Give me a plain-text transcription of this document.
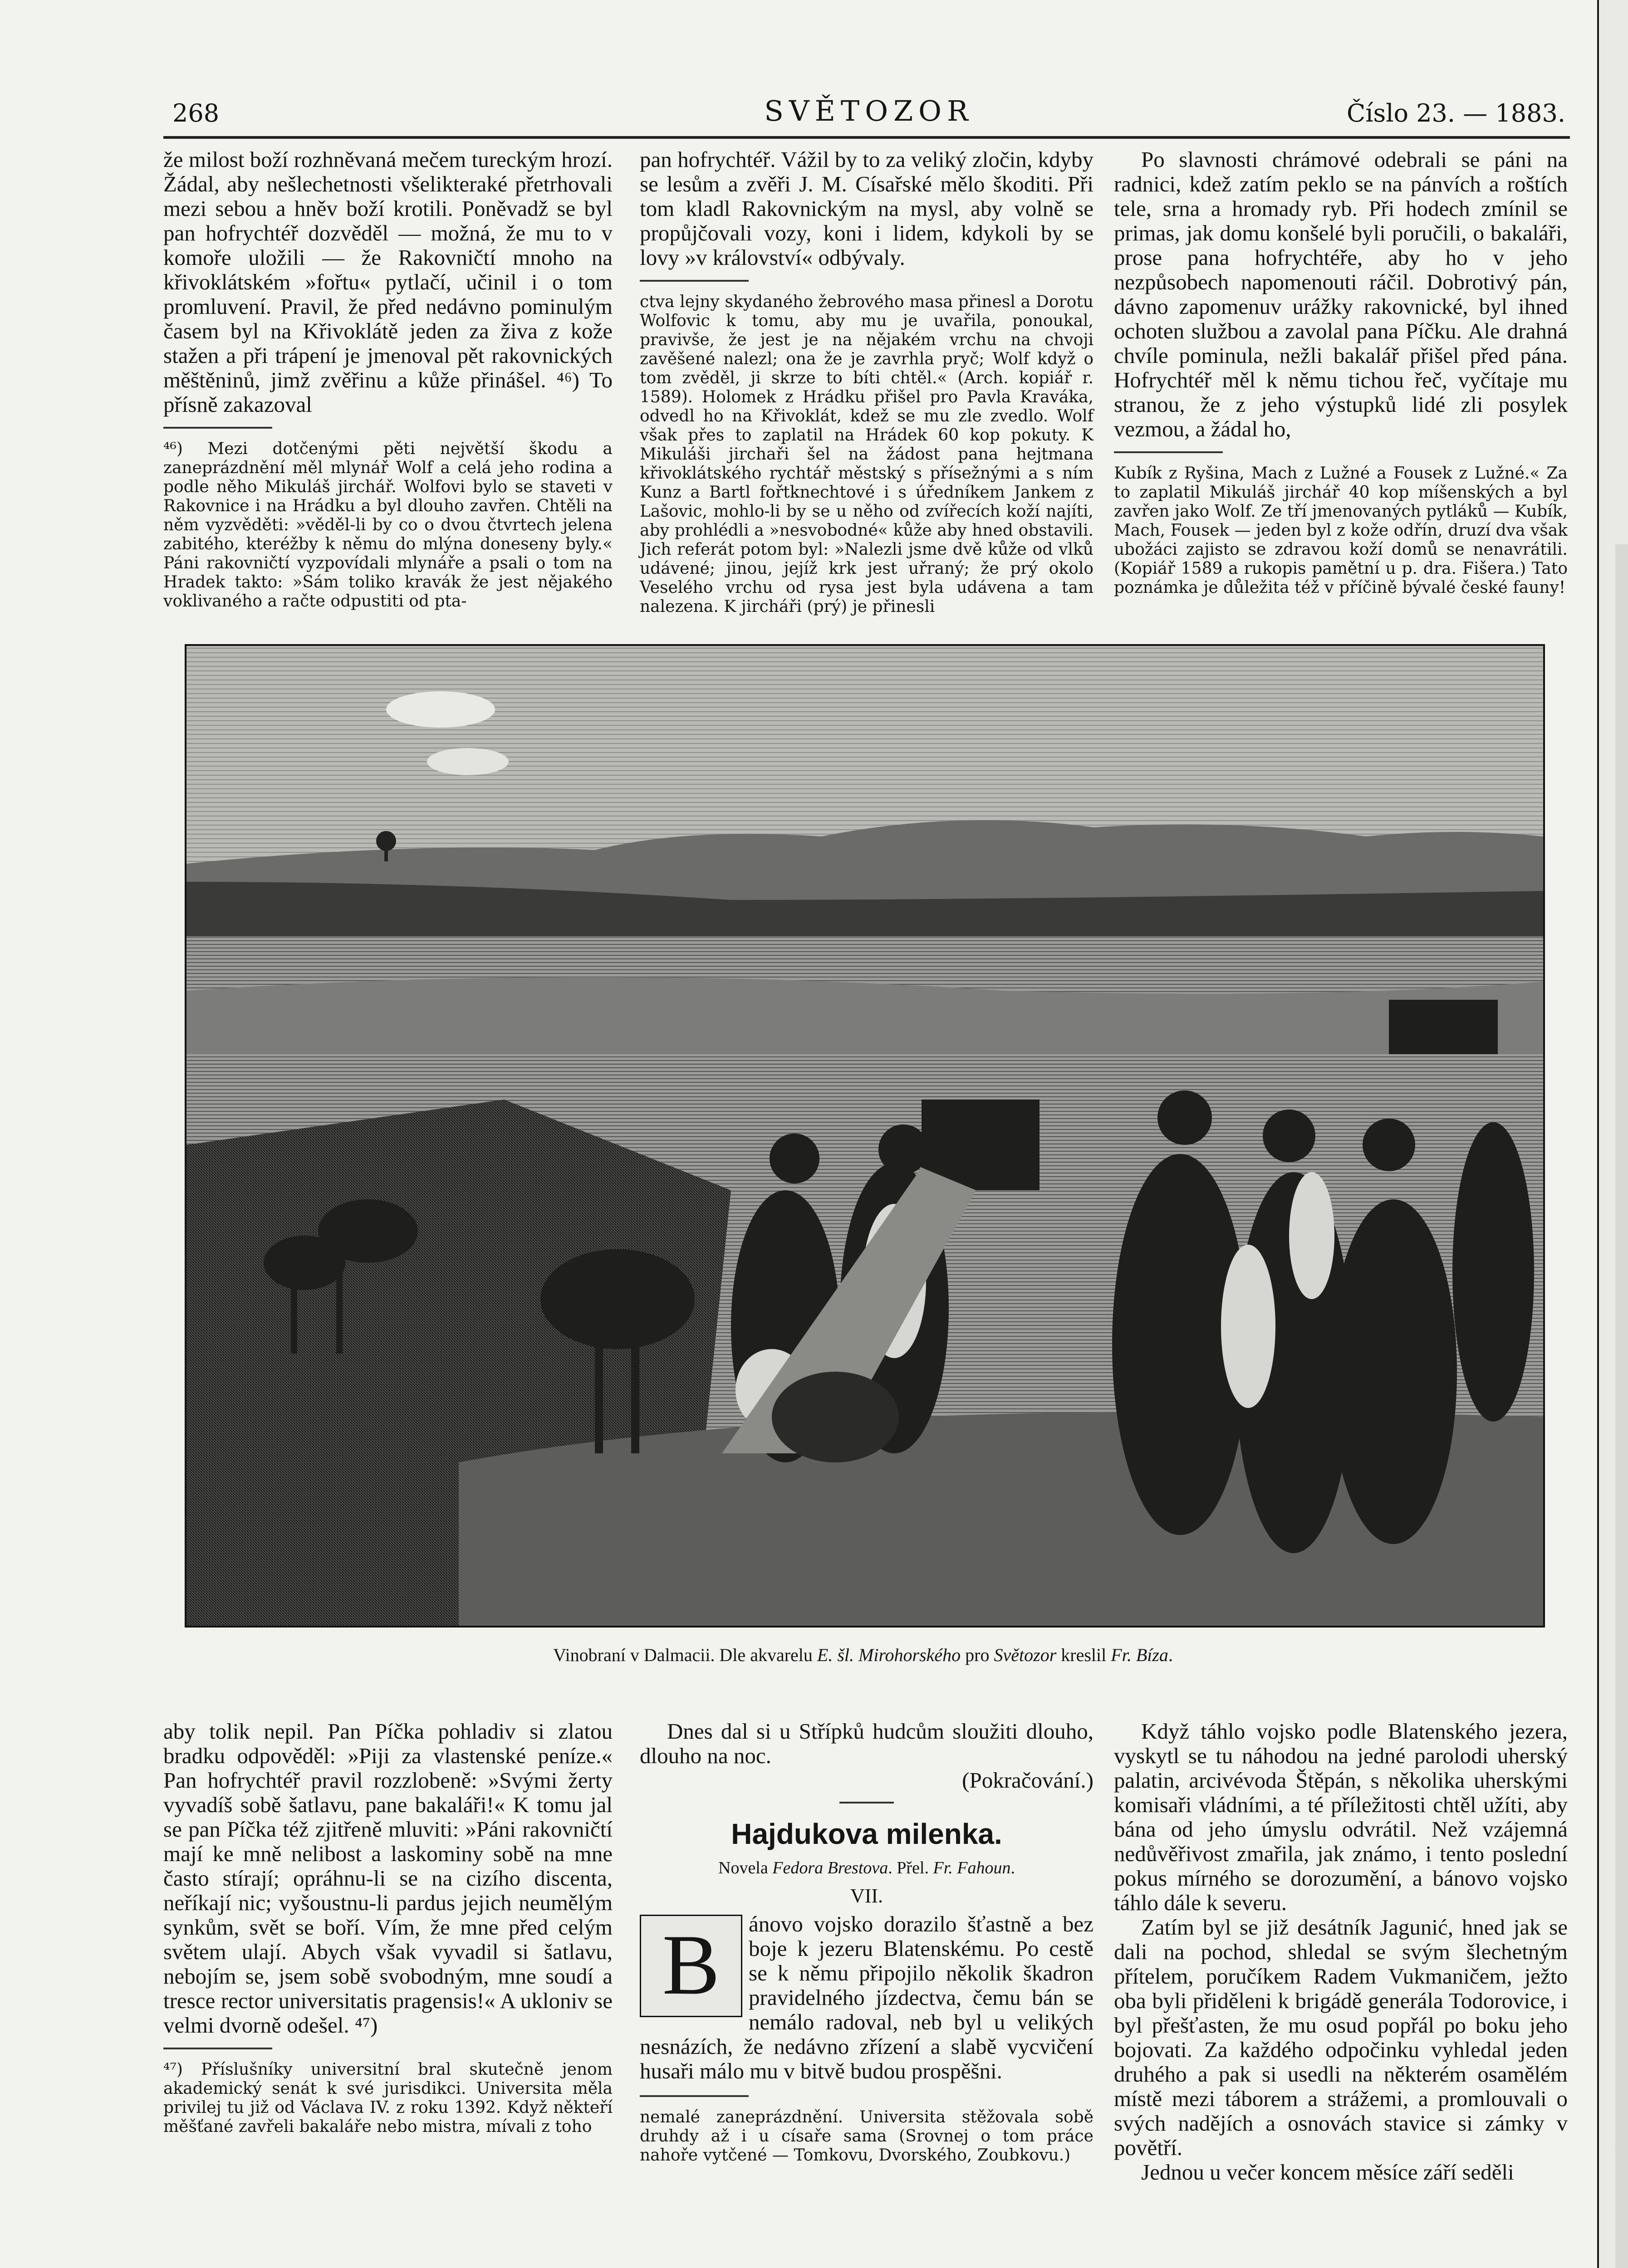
268	SVĚTOZOR	Číslo 23. — 1883.

že milost boží rozhněvaná mečem tureckým hrozí. Žádal, aby nešlechetnosti všelikteraké přetrhovali mezi sebou a hněv boží krotili. Poněvadž se byl pan hofrychtéř dozvěděl — možná, že mu to v komoře uložili — že Rakovničtí mnoho na křivoklátském »fořtu« pytlačí, učinil i o tom promluvení. Pravil, že před nedávno pominulým časem byl na Křivoklátě jeden za živa z kože stažen a při trápení je jmenoval pět rakovnických měštěninů, jimž zvěřinu a kůže přinášel. ⁴⁶) To přísně zakazoval

⁴⁶) Mezi dotčenými pěti největší škodu a zaneprázdnění měl mlynář Wolf a celá jeho rodina a podle něho Mikuláš jirchář. Wolfovi bylo se staveti v Rakovnice i na Hrádku a byl dlouho zavřen. Chtěli na něm vyzvěděti: »věděl-li by co o dvou čtvrtech jelena zabitého, kteréžby k němu do mlýna doneseny byly.« Páni rakovničtí vyzpovídali mlynáře a psali o tom na Hradek takto: »Sám toliko kravák že jest nějakého voklivaného a račte odpustiti od pta-

pan hofrychtéř. Vážil by to za veliký zločin, kdyby se lesům a zvěři J. M. Císařské mělo škoditi. Při tom kladl Rakovnickým na mysl, aby volně se propůjčovali vozy, koni i lidem, kdykoli by se lovy »v království« odbývaly.

ctva lejny skydaného žebrového masa přinesl a Dorotu Wolfovic k tomu, aby mu je uvařila, ponoukal, pravivše, že jest je na nějakém vrchu na chvoji zavěšené nalezl; ona že je zavrhla pryč; Wolf když o tom zvěděl, ji skrze to bíti chtěl.« (Arch. kopiář r. 1589). Holomek z Hrádku přišel pro Pavla Kraváka, odvedl ho na Křivoklát, kdež se mu zle zvedlo. Wolf však přes to zaplatil na Hrádek 60 kop pokuty. K Mikuláši jirchaři šel na žádost pana hejtmana křivoklátského rychtář městský s přísežnými a s ním Kunz a Bartl fořtknechtové i s úředníkem Jankem z Lašovic, mohlo-li by se u něho od zvířecích koží najíti, aby prohlédli a »nesvobodné« kůže aby hned obstavili. Jich referát potom byl: »Nalezli jsme dvě kůže od vlků udávené; jinou, jejíž krk jest uřraný; že prý okolo Veselého vrchu od rysa jest byla udávena a tam nalezena. K jircháři (prý) je přinesli

Po slavnosti chrámové odebrali se páni na radnici, kdež zatím peklo se na pánvích a roštích tele, srna a hromady ryb. Při hodech zmínil se primas, jak domu konšelé byli poručili, o bakaláři, prose pana hofrychtéře, aby ho v jeho nezpůsobech napomenouti ráčil. Dobrotivý pán, dávno zapomenuv urážky rakovnické, byl ihned ochoten službou a zavolal pana Píčku. Ale drahná chvíle pominula, nežli bakalář přišel před pána. Hofrychtéř měl k němu tichou řeč, vyčítaje mu stranou, že z jeho výstupků lidé zli posylek vezmou, a žádal ho,

Kubík z Ryšina, Mach z Lužné a Fousek z Lužné.« Za to zaplatil Mikuláš jirchář 40 kop míšenských a byl zavřen jako Wolf. Ze tří jmenovaných pytláků — Kubík, Mach, Fousek — jeden byl z kože odřín, druzí dva však ubožáci zajisto se zdravou koží domů se nenavrátili. (Kopiář 1589 a rukopis pamětní u p. dra. Fišera.) Tato poznámka je důležita též v příčině bývalé české fauny!

Vinobraní v Dalmacii. Dle akvarelu E. šl. Mirohorského pro Světozor kreslil Fr. Bíza.

aby tolik nepil. Pan Píčka pohladiv si zlatou bradku odpověděl: »Piji za vlastenské peníze.« Pan hofrychtéř pravil rozzlobeně: »Svými žerty vyvadíš sobě šatlavu, pane bakaláři!« K tomu jal se pan Píčka též zjitřeně mluviti: »Páni rakovničtí mají ke mně nelibost a laskominy sobě na mne často stírají; opráhnu-li se na cizího discenta, neříkají nic; vyšoustnu-li pardus jejich neumělým synkům, svět se boří. Vím, že mne před celým světem ulají. Abych však vyvadil si šatlavu, nebojím se, jsem sobě svobodným, mne soudí a tresce rector universitatis pragensis!« A ukloniv se velmi dvorně odešel. ⁴⁷)

⁴⁷) Příslušníky universitní bral skutečně jenom akademický senát k své jurisdikci. Universita měla privilej tu již od Václava IV. z roku 1392. Když někteří měšťané zavřeli bakaláře nebo mistra, mívali z toho

Dnes dal si u Střípků hudcům sloužiti dlouho, dlouho na noc.

(Pokračování.)

Hajdukova milenka.

Novela Fedora Brestova. Přel. Fr. Fahoun.

VII.

B	ánovo vojsko dorazilo šťastně a bez boje k jezeru Blatenskému. Po cestě se k němu připojilo několik škadron pravidelného jízdectva, čemu bán se nemálo radoval, neb byl u velikých nesnázích, že nedávno zřízení a slabě vycvičení husaři málo mu v bitvě budou prospěšni.

nemalé zaneprázdnění. Universita stěžovala sobě druhdy až i u císaře sama (Srovnej o tom práce nahoře vytčené — Tomkovu, Dvorského, Zoubkovu.)

Když táhlo vojsko podle Blatenského jezera, vyskytl se tu náhodou na jedné parolodi uherský palatin, arcivévoda Štěpán, s několika uherskými komisaři vládními, a té příležitosti chtěl užíti, aby bána od jeho úmyslu odvrátil. Než vzájemná nedůvěřivost zmařila, jak známo, i tento poslední pokus mírného se dorozumění, a bánovo vojsko táhlo dále k severu.

Zatím byl se již desátník Jagunić, hned jak se dali na pochod, shledal se svým šlechetným přítelem, poručíkem Radem Vukmaničem, ježto oba byli přiděleni k brigádě generála Todorovice, i byl přešťasten, že mu osud popřál po boku jeho bojovati. Za každého odpočinku vyhledal jeden druhého a pak si usedli na některém osamělém místě mezi táborem a strážemi, a promlouvali o svých nadějích a osnovách stavice si zámky v povětří.

Jednou u večer koncem měsíce září seděli
